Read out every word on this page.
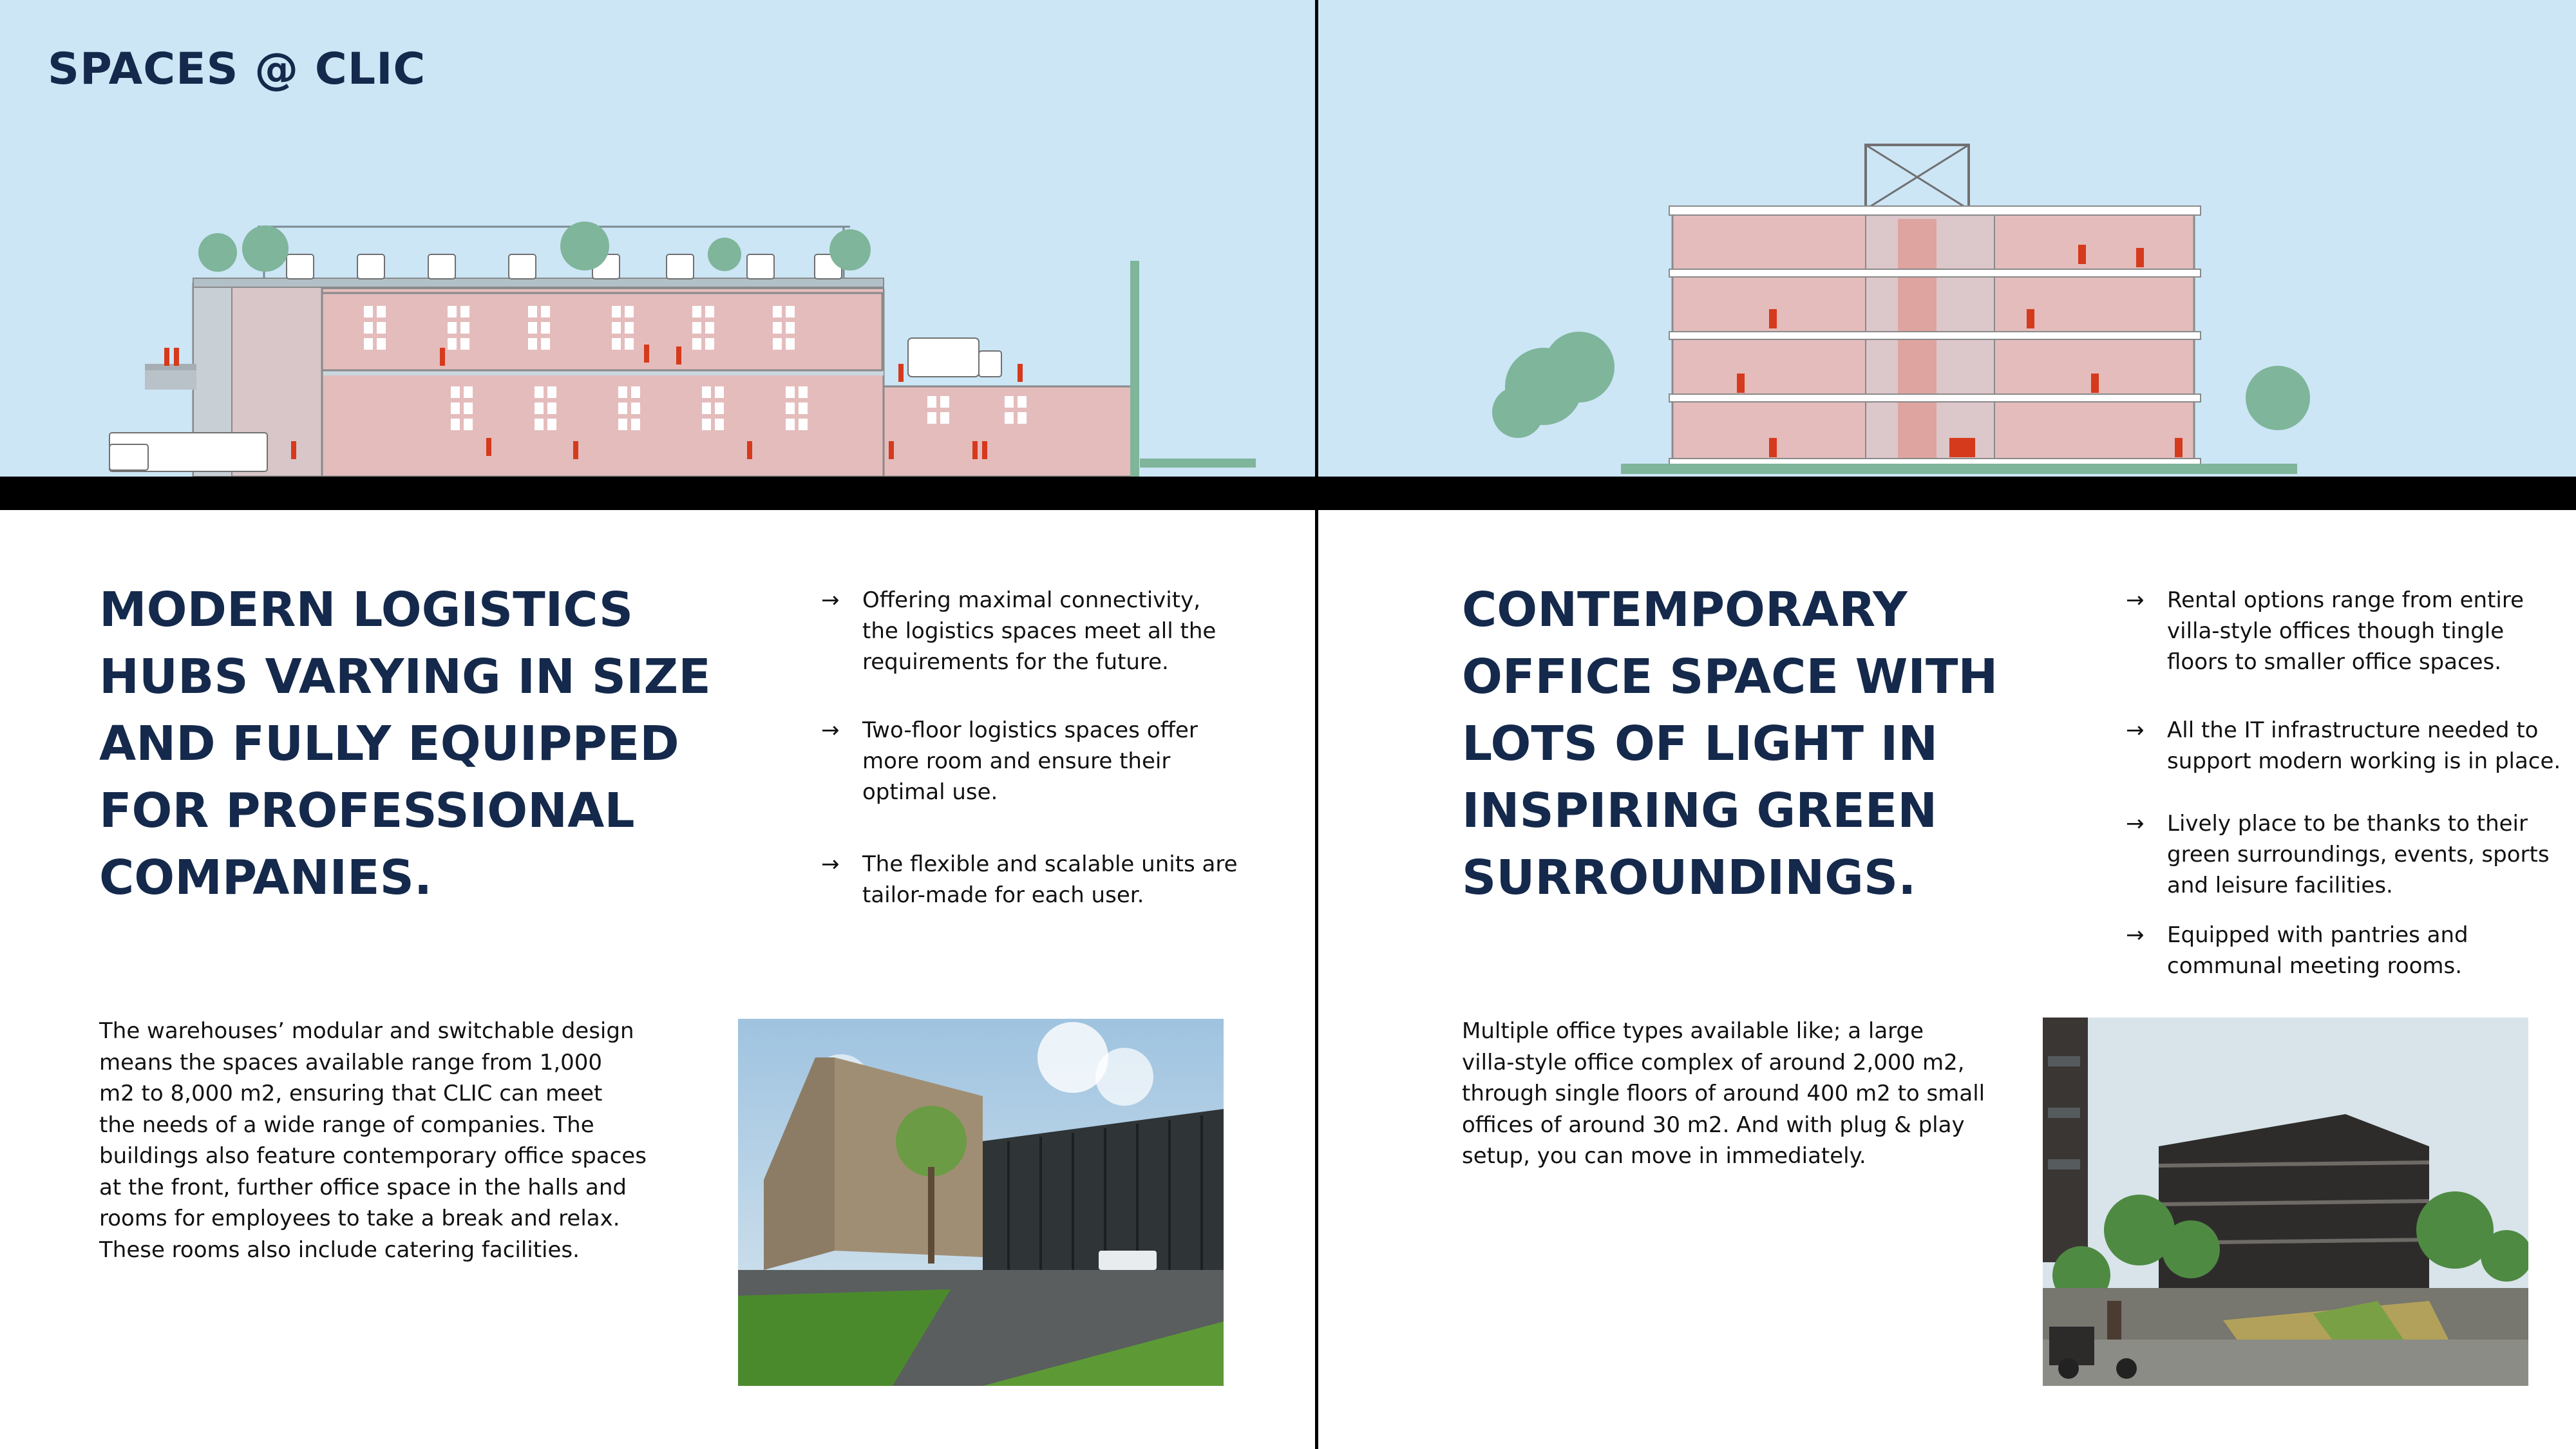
SPACES @ CLIC
MODERN LOGISTICS
HUBS VARYING IN SIZE
AND FULLY EQUIPPED
FOR PROFESSIONAL
COMPANIES.
→ Offering maximal connectivity,
the logistics spaces meet all the
requirements for the future.
→ Two-floor logistics spaces offer
more room and ensure their
optimal use.
→ The flexible and scalable units are
tailor-made for each user.

The warehouses’ modular and switchable design
means the spaces available range from 1,000
m2 to 8,000 m2, ensuring that CLIC can meet
the needs of a wide range of companies. The
buildings also feature contemporary office spaces
at the front, further office space in the halls and
rooms for employees to take a break and relax.
These rooms also include catering facilities.

CONTEMPORARY
OFFICE SPACE WITH
LOTS OF LIGHT IN
INSPIRING GREEN
SURROUNDINGS.
→ Rental options range from entire
villa-style offices though tingle
floors to smaller office spaces.
→ All the IT infrastructure needed to
support modern working is in place.
→ Lively place to be thanks to their
green surroundings, events, sports
and leisure facilities.
→ Equipped with pantries and
communal meeting rooms.

Multiple office types available like; a large
villa-style office complex of around 2,000 m2,
through single floors of around 400 m2 to small
offices of around 30 m2. And with plug & play
setup, you can move in immediately.
